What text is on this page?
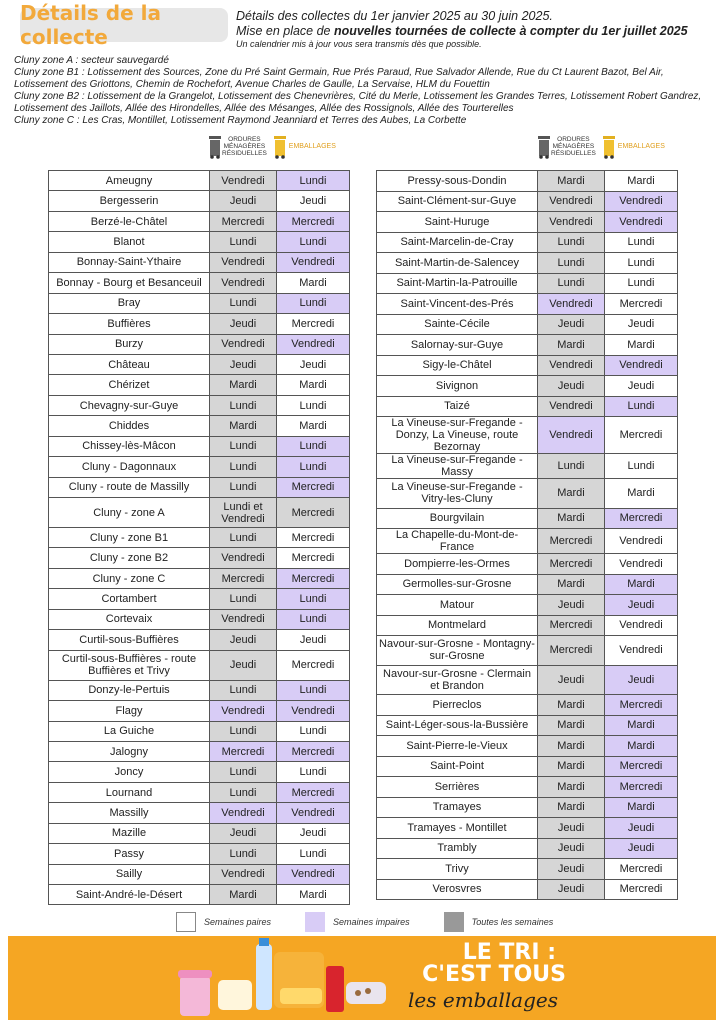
Détails de la collecte
Détails des collectes du 1er janvier 2025 au 30 juin 2025.
Mise en place de nouvelles tournées de collecte à compter du 1er juillet 2025
Un calendrier mis à jour vous sera transmis dès que possible.
Cluny zone A : secteur sauvegardé
Cluny zone B1 : Lotissement des Sources, Zone du Pré Saint Germain, Rue Prés Paraud, Rue Salvador Allende, Rue du Ct Laurent Bazot, Bel Air,
Lotissement des Griottons, Chemin de Rochefort, Avenue Charles de Gaulle, La Servaise, HLM du Fouettin
Cluny zone B2 : Lotissement de la Grangelot, Lotissement des Chenevrières, Cité du Merle, Lotissement les Grandes Terres, Lotissement Robert Gandrez,
Lotissement des Jaillots, Allée des Hirondelles, Allée des Mésanges, Allée des Rossignols, Allée des Tourterelles
Cluny zone C : Les Cras, Montillet, Lotissement Raymond Jeanniard et Terres des Aubes, La Corbette
ORDURES
MÉNAGÈRES
RÉSIDUELLES
EMBALLAGES
ORDURES
MÉNAGÈRES
RÉSIDUELLES
EMBALLAGES
Ameugny	Vendredi	Lundi
Bergesserin	Jeudi	Jeudi
Berzé-le-Châtel	Mercredi	Mercredi
Blanot	Lundi	Lundi
Bonnay-Saint-Ythaire	Vendredi	Vendredi
Bonnay - Bourg et Besanceuil	Vendredi	Mardi
Bray	Lundi	Lundi
Buffières	Jeudi	Mercredi
Burzy	Vendredi	Vendredi
Château	Jeudi	Jeudi
Chérizet	Mardi	Mardi
Chevagny-sur-Guye	Lundi	Lundi
Chiddes	Mardi	Mardi
Chissey-lès-Mâcon	Lundi	Lundi
Cluny - Dagonnaux	Lundi	Lundi
Cluny - route de Massilly	Lundi	Mercredi
Cluny - zone A	Lundi et Vendredi	Mercredi
Cluny - zone B1	Lundi	Mercredi
Cluny - zone B2	Vendredi	Mercredi
Cluny - zone C	Mercredi	Mercredi
Cortambert	Lundi	Lundi
Cortevaix	Vendredi	Lundi
Curtil-sous-Buffières	Jeudi	Jeudi
Curtil-sous-Buffières - route Buffières et Trivy	Jeudi	Mercredi
Donzy-le-Pertuis	Lundi	Lundi
Flagy	Vendredi	Vendredi
La Guiche	Lundi	Lundi
Jalogny	Mercredi	Mercredi
Joncy	Lundi	Lundi
Lournand	Lundi	Mercredi
Massilly	Vendredi	Vendredi
Mazille	Jeudi	Jeudi
Passy	Lundi	Lundi
Sailly	Vendredi	Vendredi
Saint-André-le-Désert	Mardi	Mardi
Pressy-sous-Dondin	Mardi	Mardi
Saint-Clément-sur-Guye	Vendredi	Vendredi
Saint-Huruge	Vendredi	Vendredi
Saint-Marcelin-de-Cray	Lundi	Lundi
Saint-Martin-de-Salencey	Lundi	Lundi
Saint-Martin-la-Patrouille	Lundi	Lundi
Saint-Vincent-des-Prés	Vendredi	Mercredi
Sainte-Cécile	Jeudi	Jeudi
Salornay-sur-Guye	Mardi	Mardi
Sigy-le-Châtel	Vendredi	Vendredi
Sivignon	Jeudi	Jeudi
Taizé	Vendredi	Lundi
La Vineuse-sur-Fregande - Donzy, La Vineuse, route Bezornay	Vendredi	Mercredi
La Vineuse-sur-Fregande - Massy	Lundi	Lundi
La Vineuse-sur-Fregande - Vitry-les-Cluny	Mardi	Mardi
Bourgvilain	Mardi	Mercredi
La Chapelle-du-Mont-de-France	Mercredi	Vendredi
Dompierre-les-Ormes	Mercredi	Vendredi
Germolles-sur-Grosne	Mardi	Mardi
Matour	Jeudi	Jeudi
Montmelard	Mercredi	Vendredi
Navour-sur-Grosne - Montagny-sur-Grosne	Mercredi	Vendredi
Navour-sur-Grosne - Clermain et Brandon	Jeudi	Jeudi
Pierreclos	Mardi	Mercredi
Saint-Léger-sous-la-Bussière	Mardi	Mardi
Saint-Pierre-le-Vieux	Mardi	Mardi
Saint-Point	Mardi	Mercredi
Serrières	Mardi	Mercredi
Tramayes	Mardi	Mardi
Tramayes - Montillet	Jeudi	Jeudi
Trambly	Jeudi	Jeudi
Trivy	Jeudi	Mercredi
Verosvres	Jeudi	Mercredi
Semaines paires	Semaines impaires	Toutes les semaines
LE TRI :
C'EST TOUS
les emballages
